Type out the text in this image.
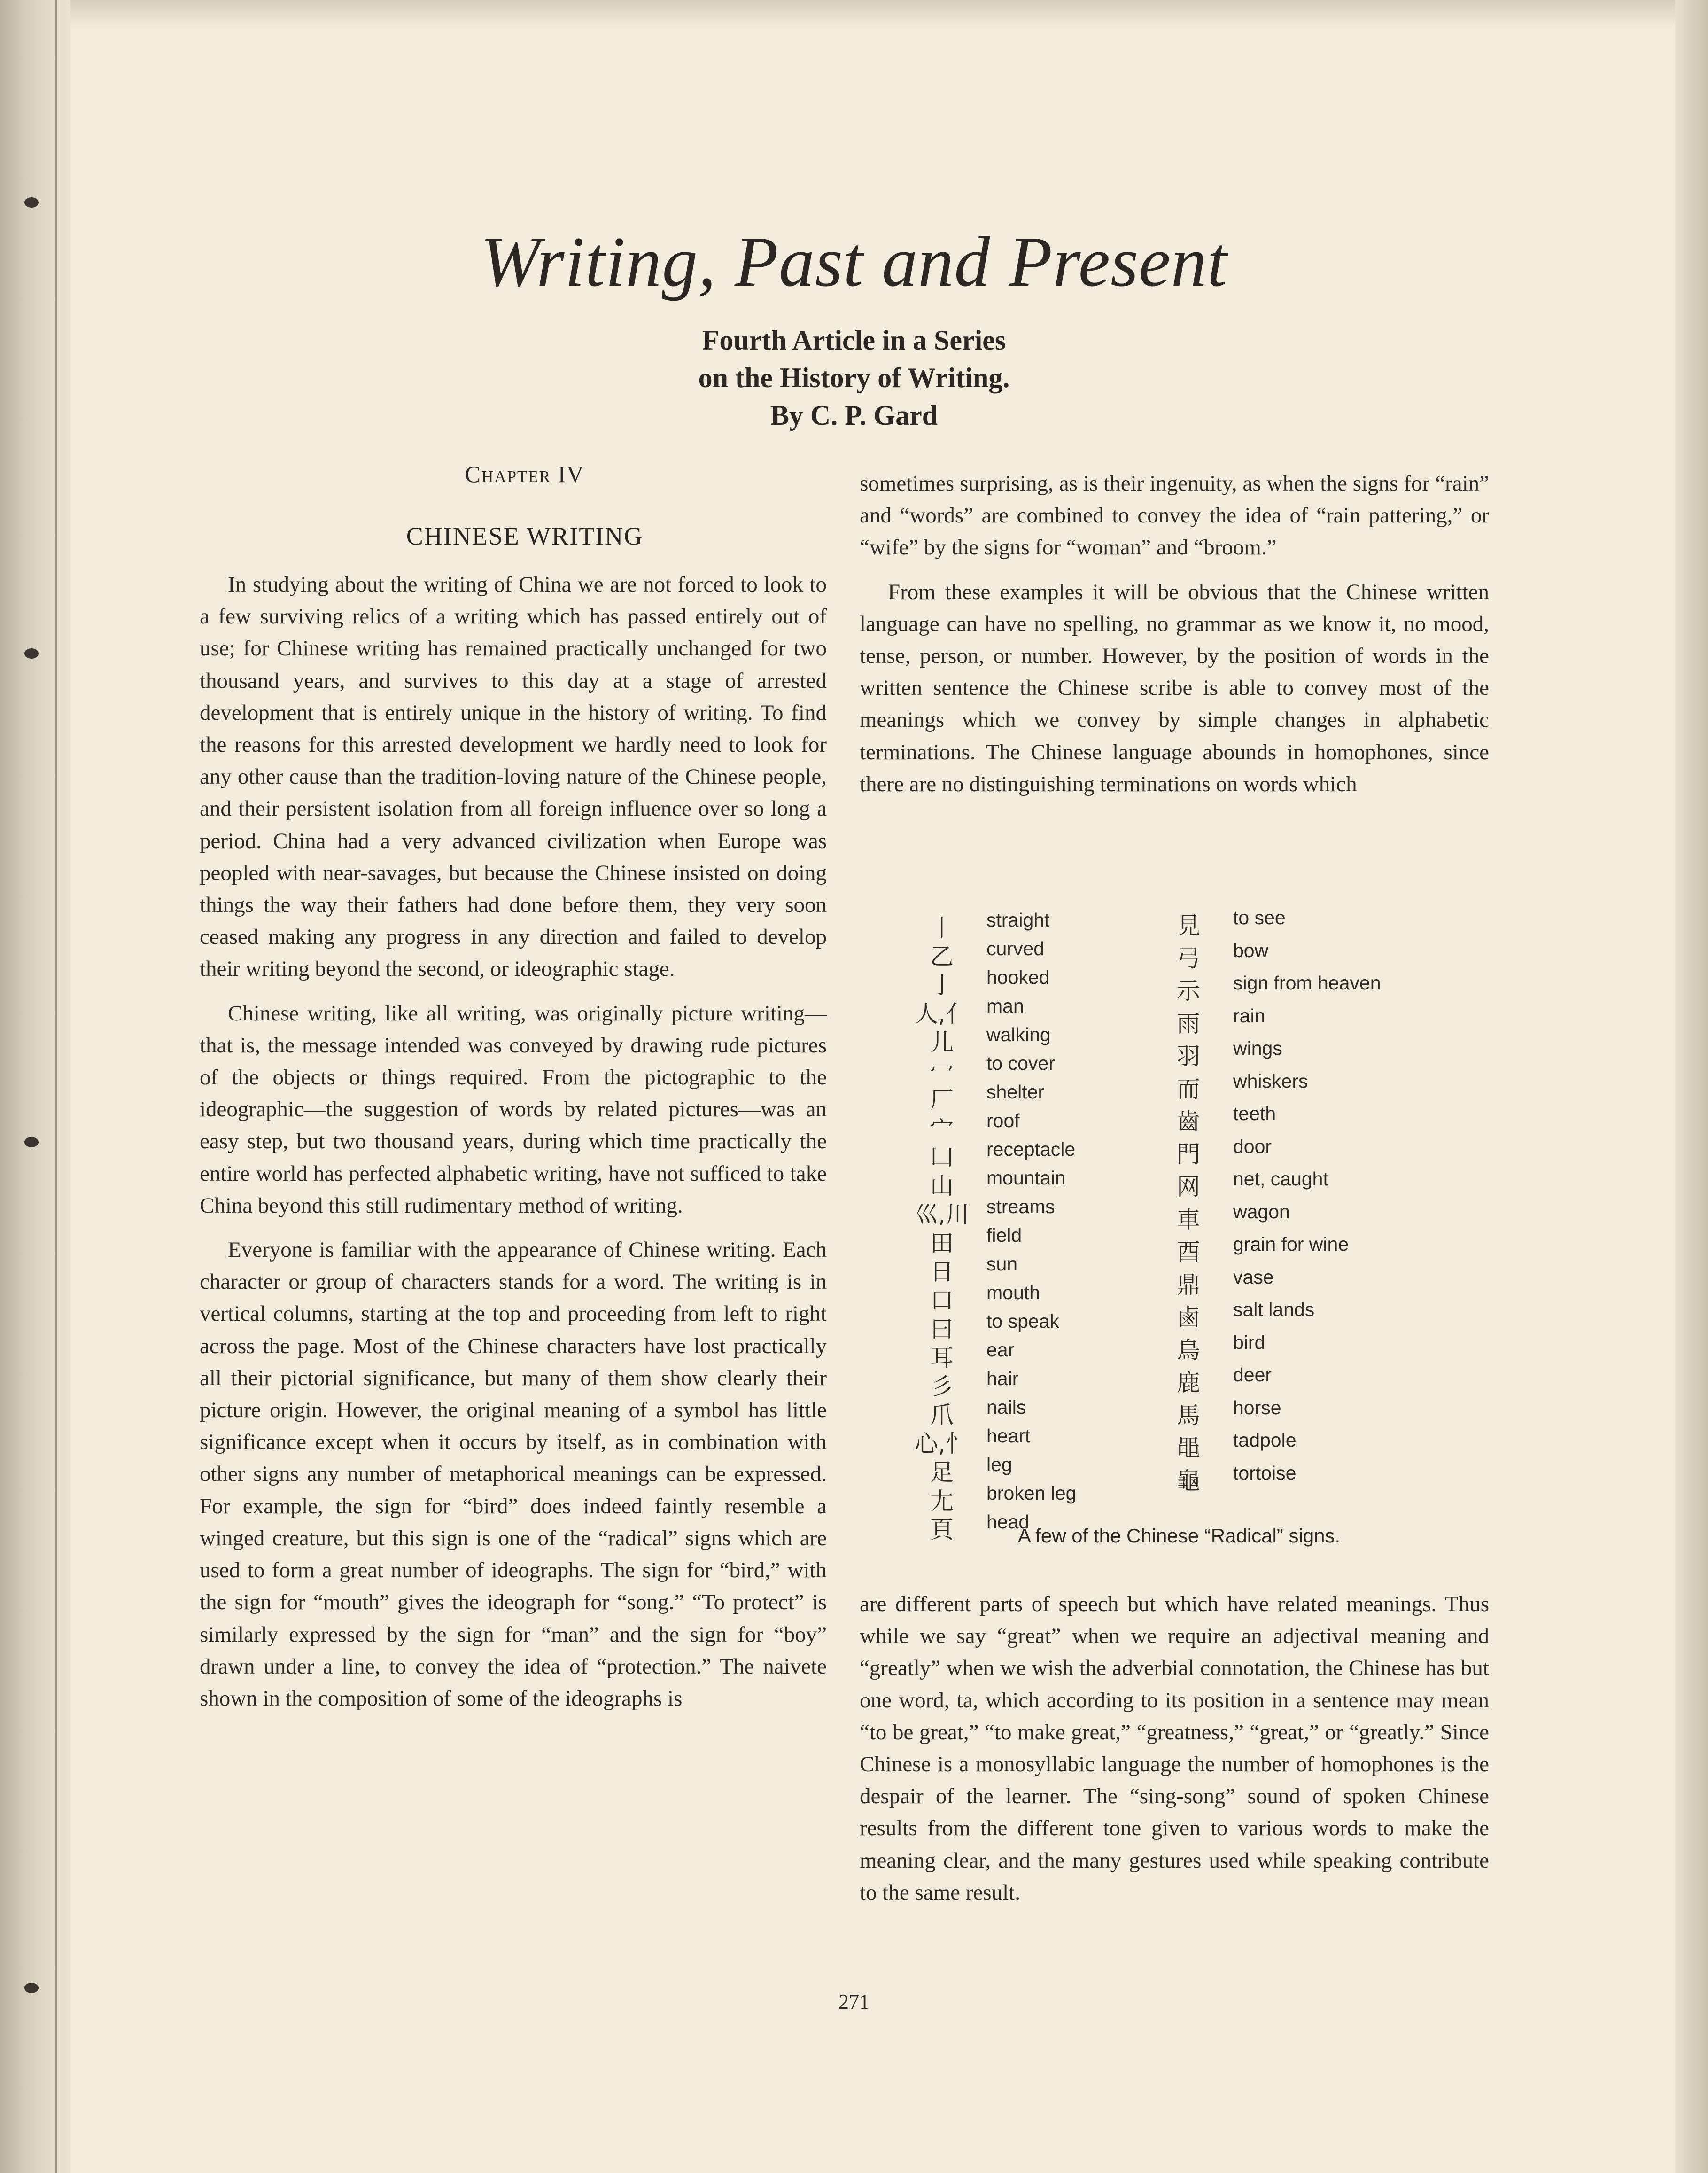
Writing, Past and Present
Fourth Article in a Series
on the History of Writing.
By C. P. Gard
Chapter IV
CHINESE WRITING

In studying about the writing of China we are not forced to look to a few surviving relics of a writing which has passed entirely out of use; for Chinese writing has remained practically unchanged for two thousand years, and survives to this day at a stage of arrested development that is entirely unique in the history of writing. To find the reasons for this arrested development we hardly need to look for any other cause than the tradition-loving nature of the Chinese people, and their persistent isolation from all foreign influence over so long a period. China had a very advanced civilization when Europe was peopled with near-savages, but because the Chinese insisted on doing things the way their fathers had done before them, they very soon ceased making any progress in any direction and failed to develop their writing beyond the second, or ideographic stage.

Chinese writing, like all writing, was originally picture writing—that is, the message intended was conveyed by drawing rude pictures of the objects or things required. From the pictographic to the ideographic—the suggestion of words by related pictures—was an easy step, but two thousand years, during which time practically the entire world has perfected alphabetic writing, have not sufficed to take China beyond this still rudimentary method of writing.

Everyone is familiar with the appearance of Chinese writing. Each character or group of characters stands for a word. The writing is in vertical columns, starting at the top and proceeding from left to right across the page. Most of the Chinese characters have lost practically all their pictorial significance, but many of them show clearly their picture origin. However, the original meaning of a symbol has little significance except when it occurs by itself, as in combination with other signs any number of metaphorical meanings can be expressed. For example, the sign for “bird” does indeed faintly resemble a winged creature, but this sign is one of the “radical” signs which are used to form a great number of ideographs. The sign for “bird,” with the sign for “mouth” gives the ideograph for “song.” “To protect” is similarly expressed by the sign for “man” and the sign for “boy” drawn under a line, to convey the idea of “protection.” The naivete shown in the composition of some of the ideographs is

sometimes surprising, as is their ingenuity, as when the signs for “rain” and “words” are combined to convey the idea of “rain pattering,” or “wife” by the signs for “woman” and “broom.”

From these examples it will be obvious that the Chinese written language can have no spelling, no grammar as we know it, no mood, tense, person, or number. However, by the position of words in the written sentence the Chinese scribe is able to convey most of the meanings which we convey by simple changes in alphabetic terminations. The Chinese language abounds in homophones, since there are no distinguishing terminations on words which

丨	straight
乙	curved
亅	hooked
人,亻 man
儿	walking
冖	to cover
厂	shelter
宀	roof
凵	receptacle
山	mountain
巛,川 streams
田	field
日	sun
口	mouth
曰	to speak
耳	ear
彡	hair
爪	nails
心,忄 heart
足	leg
尢	broken leg
頁	head
見	to see
弓	bow
示	sign from heaven
雨	rain
羽	wings
而	whiskers
齒	teeth
門	door
网	net, caught
車	wagon
酉	grain for wine
鼎	vase
鹵	salt lands
鳥	bird
鹿	deer
馬	horse
黽	tadpole
龜	tortoise
A few of the Chinese “Radical” signs.

are different parts of speech but which have related meanings. Thus while we say “great” when we require an adjectival meaning and “greatly” when we wish the adverbial connotation, the Chinese has but one word, ta, which according to its position in a sentence may mean “to be great,” “to make great,” “greatness,” “great,” or “greatly.” Since Chinese is a monosyllabic language the number of homophones is the despair of the learner. The “sing-song” sound of spoken Chinese results from the different tone given to various words to make the meaning clear, and the many gestures used while speaking contribute to the same result.

271
